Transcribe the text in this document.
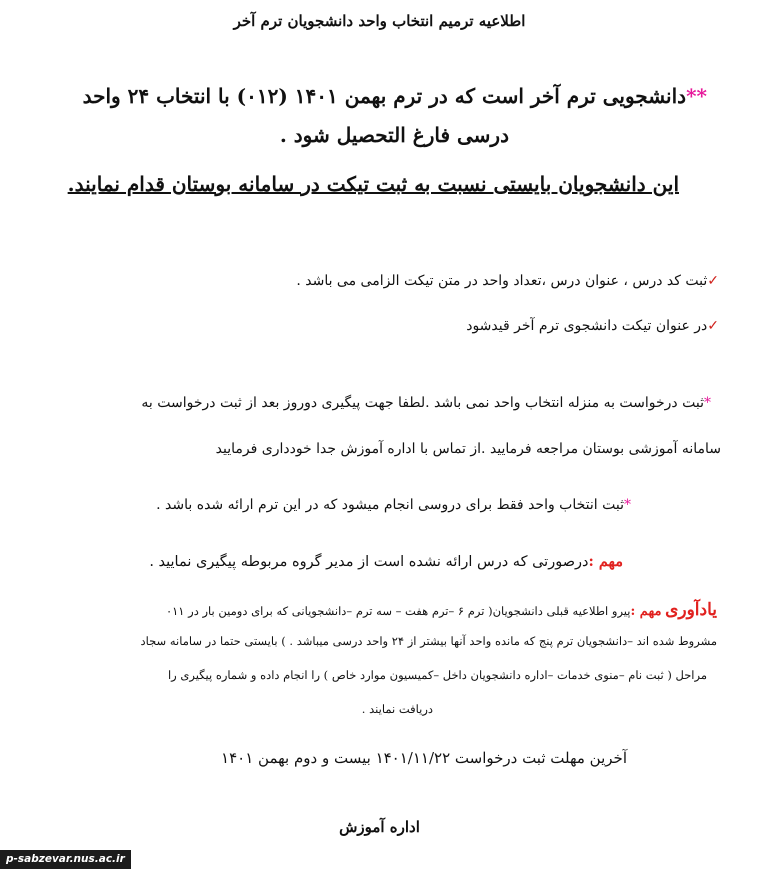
اطلاعیه ترمیم انتخاب واحد دانشجویان ترم آخر
**دانشجویی ترم آخر است که در ترم بهمن ۱۴۰۱ (۰۱۲) با انتخاب ۲۴ واحد
درسی فارغ التحصیل شود .
این دانشجویان بایستی نسبت به ثبت تیکت در سامانه بوستان قدام نمایند.
✓ثبت کد درس ، عنوان درس ،تعداد واحد در متن تیکت الزامی می باشد .
✓در عنوان تیکت دانشجوی ترم آخر قیدشود
*ثبت درخواست به منزله انتخاب واحد نمی باشد .لطفا جهت پیگیری دوروز بعد از ثبت درخواست به
سامانه آموزشی بوستان مراجعه فرمایید .از تماس با اداره آموزش جدا خودداری فرمایید
*ثبت انتخاب واحد فقط برای دروسی انجام میشود که در این ترم ارائه شده باشد .
مهم :درصورتی که درس ارائه نشده است از مدیر گروه مربوطه پیگیری نمایید .
یادآوری مهم :پیرو اطلاعیه قبلی دانشجویان( ترم ۶ –ترم هفت – سه ترم –دانشجویانی که برای دومین بار در ۰۱۱
مشروط شده اند –دانشجویان ترم پنج که مانده واحد آنها بیشتر از ۲۴ واحد درسی میباشد . ) بایستی حتما در سامانه سجاد
مراحل ( ثبت نام –منوی خدمات –اداره دانشجویان داخل –کمیسیون موارد خاص ) را انجام داده و شماره پیگیری را
دریافت نمایند .
آخرین مهلت ثبت درخواست ۱۴۰۱/۱۱/۲۲ بیست و دوم بهمن ۱۴۰۱
اداره آموزش
p-sabzevar.nus.ac.ir
